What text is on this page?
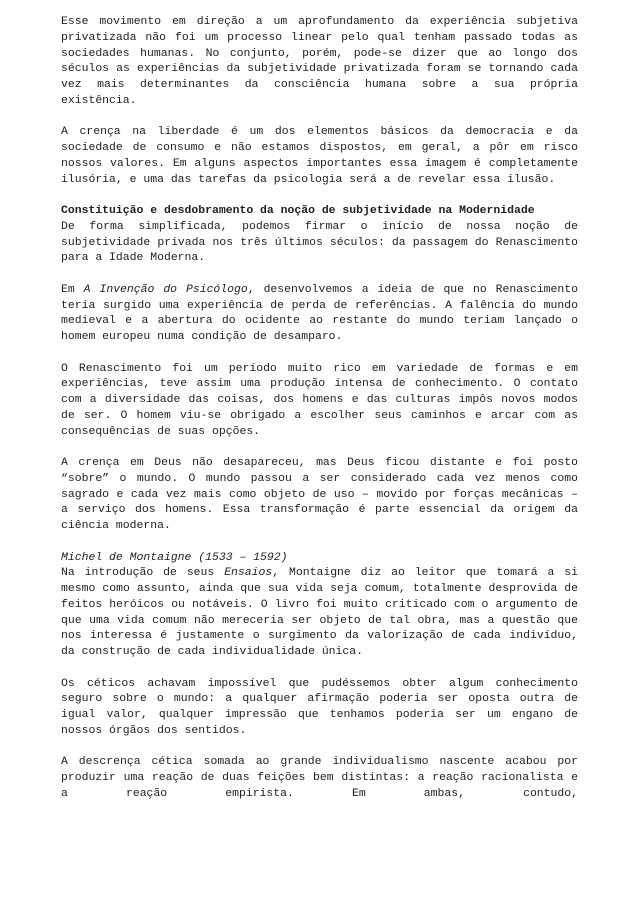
Esse movimento em direção a um aprofundamento da experiência subjetiva privatizada não foi um processo linear pelo qual tenham passado todas as sociedades humanas. No conjunto, porém, pode-se dizer que ao longo dos séculos as experiências da subjetividade privatizada foram se tornando cada vez mais determinantes da consciência humana sobre a sua própria existência.

A crença na liberdade é um dos elementos básicos da democracia e da sociedade de consumo e não estamos dispostos, em geral, a pôr em risco nossos valores. Em alguns aspectos importantes essa imagem é completamente ilusória, e uma das tarefas da psicologia será a de revelar essa ilusão.

Constituição e desdobramento da noção de subjetividade na Modernidade

De forma simplificada, podemos firmar o início de nossa noção de subjetividade privada nos três últimos séculos: da passagem do Renascimento para a Idade Moderna.

Em A Invenção do Psicólogo, desenvolvemos a ideia de que no Renascimento teria surgido uma experiência de perda de referências. A falência do mundo medieval e a abertura do ocidente ao restante do mundo teriam lançado o homem europeu numa condição de desamparo.

O Renascimento foi um período muito rico em variedade de formas e em experiências, teve assim uma produção intensa de conhecimento. O contato com a diversidade das coisas, dos homens e das culturas impôs novos modos de ser. O homem viu-se obrigado a escolher seus caminhos e arcar com as consequências de suas opções.

A crença em Deus não desapareceu, mas Deus ficou distante e foi posto “sobre” o mundo. O mundo passou a ser considerado cada vez menos como sagrado e cada vez mais como objeto de uso – movido por forças mecânicas – a serviço dos homens. Essa transformação é parte essencial da origem da ciência moderna.

Michel de Montaigne (1533 – 1592)

Na introdução de seus Ensaios, Montaigne diz ao leitor que tomará a si mesmo como assunto, ainda que sua vida seja comum, totalmente desprovida de feitos heróicos ou notáveis. O livro foi muito criticado com o argumento de que uma vida comum não mereceria ser objeto de tal obra, mas a questão que nos interessa é justamente o surgimento da valorização de cada indivíduo, da construção de cada individualidade única.

Os céticos achavam impossível que pudéssemos obter algum conhecimento seguro sobre o mundo: a qualquer afirmação poderia ser oposta outra de igual valor, qualquer impressão que tenhamos poderia ser um engano de nossos órgãos dos sentidos.

A descrença cética somada ao grande individualismo nascente acabou por produzir uma reação de duas feições bem distintas: a reação racionalista e a reação empirista. Em ambas, contudo,
